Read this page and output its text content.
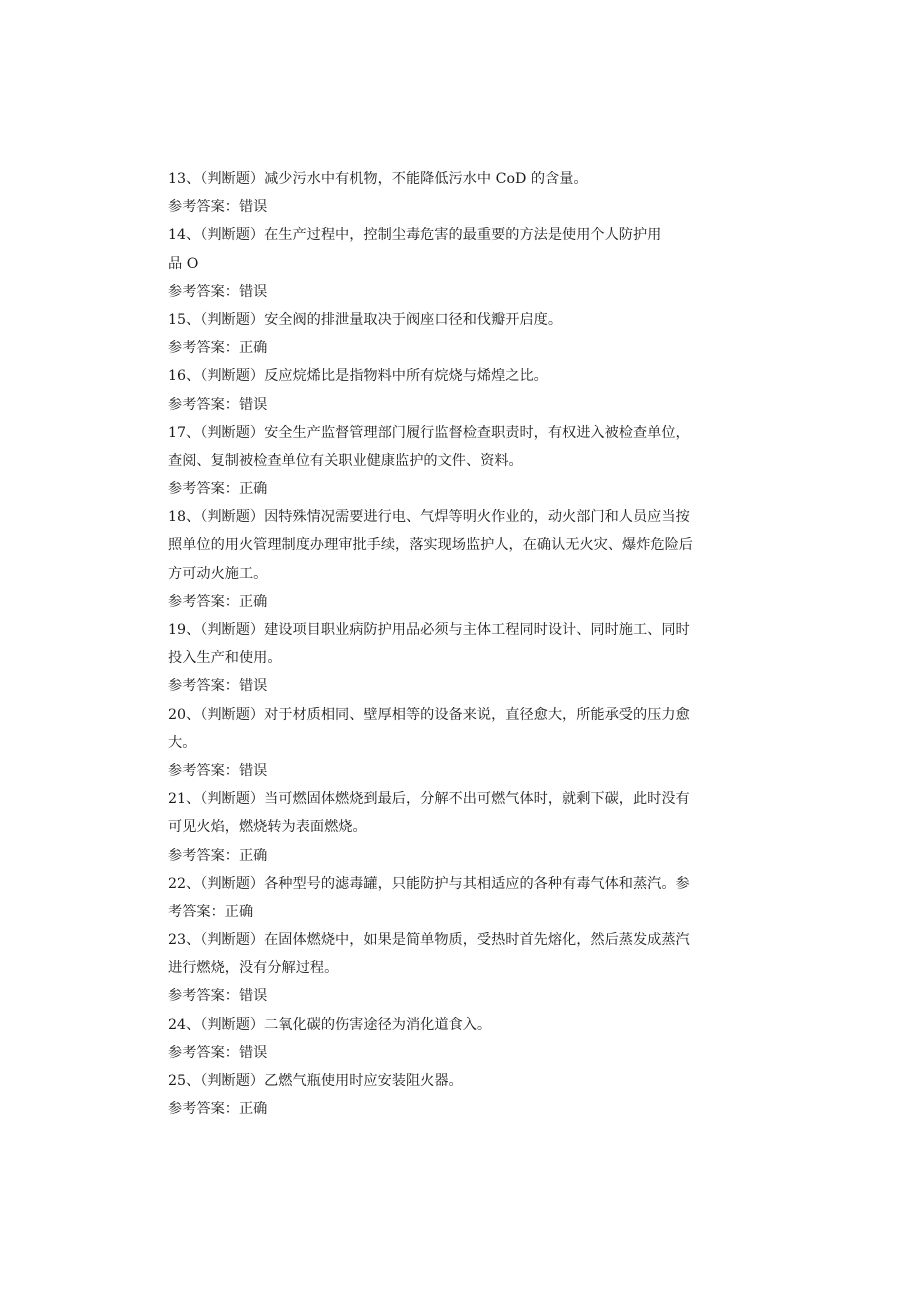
13、（判断题）减少污水中有机物，不能降低污水中 CoD 的含量。
参考答案：错误
14、（判断题）在生产过程中，控制尘毒危害的最重要的方法是使用个人防护用
品 O
参考答案：错误
15、（判断题）安全阀的排泄量取决于阀座口径和伐瓣开启度。
参考答案：正确
16、（判断题）反应烷烯比是指物料中所有烷烧与烯煌之比。
参考答案：错误
17、（判断题）安全生产监督管理部门履行监督检查职责时，有权进入被检查单位，
查阅、复制被检查单位有关职业健康监护的文件、资料。
参考答案：正确
18、（判断题）因特殊情况需要进行电、气焊等明火作业的，动火部门和人员应当按
照单位的用火管理制度办理审批手续，落实现场监护人，在确认无火灾、爆炸危险后
方可动火施工。
参考答案：正确
19、（判断题）建设项目职业病防护用品必须与主体工程同时设计、同时施工、同时
投入生产和使用。
参考答案：错误
20、（判断题）对于材质相同、壁厚相等的设备来说，直径愈大，所能承受的压力愈
大。
参考答案：错误
21、（判断题）当可燃固体燃烧到最后，分解不出可燃气体时，就剩下碳，此时没有
可见火焰，燃烧转为表面燃烧。
参考答案：正确
22、（判断题）各种型号的滤毒罐，只能防护与其相适应的各种有毒气体和蒸汽。参
考答案：正确
23、（判断题）在固体燃烧中，如果是简单物质，受热时首先熔化，然后蒸发成蒸汽
进行燃烧，没有分解过程。
参考答案：错误
24、（判断题）二氧化碳的伤害途径为消化道食入。
参考答案：错误
25、（判断题）乙燃气瓶使用时应安装阻火器。
参考答案：正确
